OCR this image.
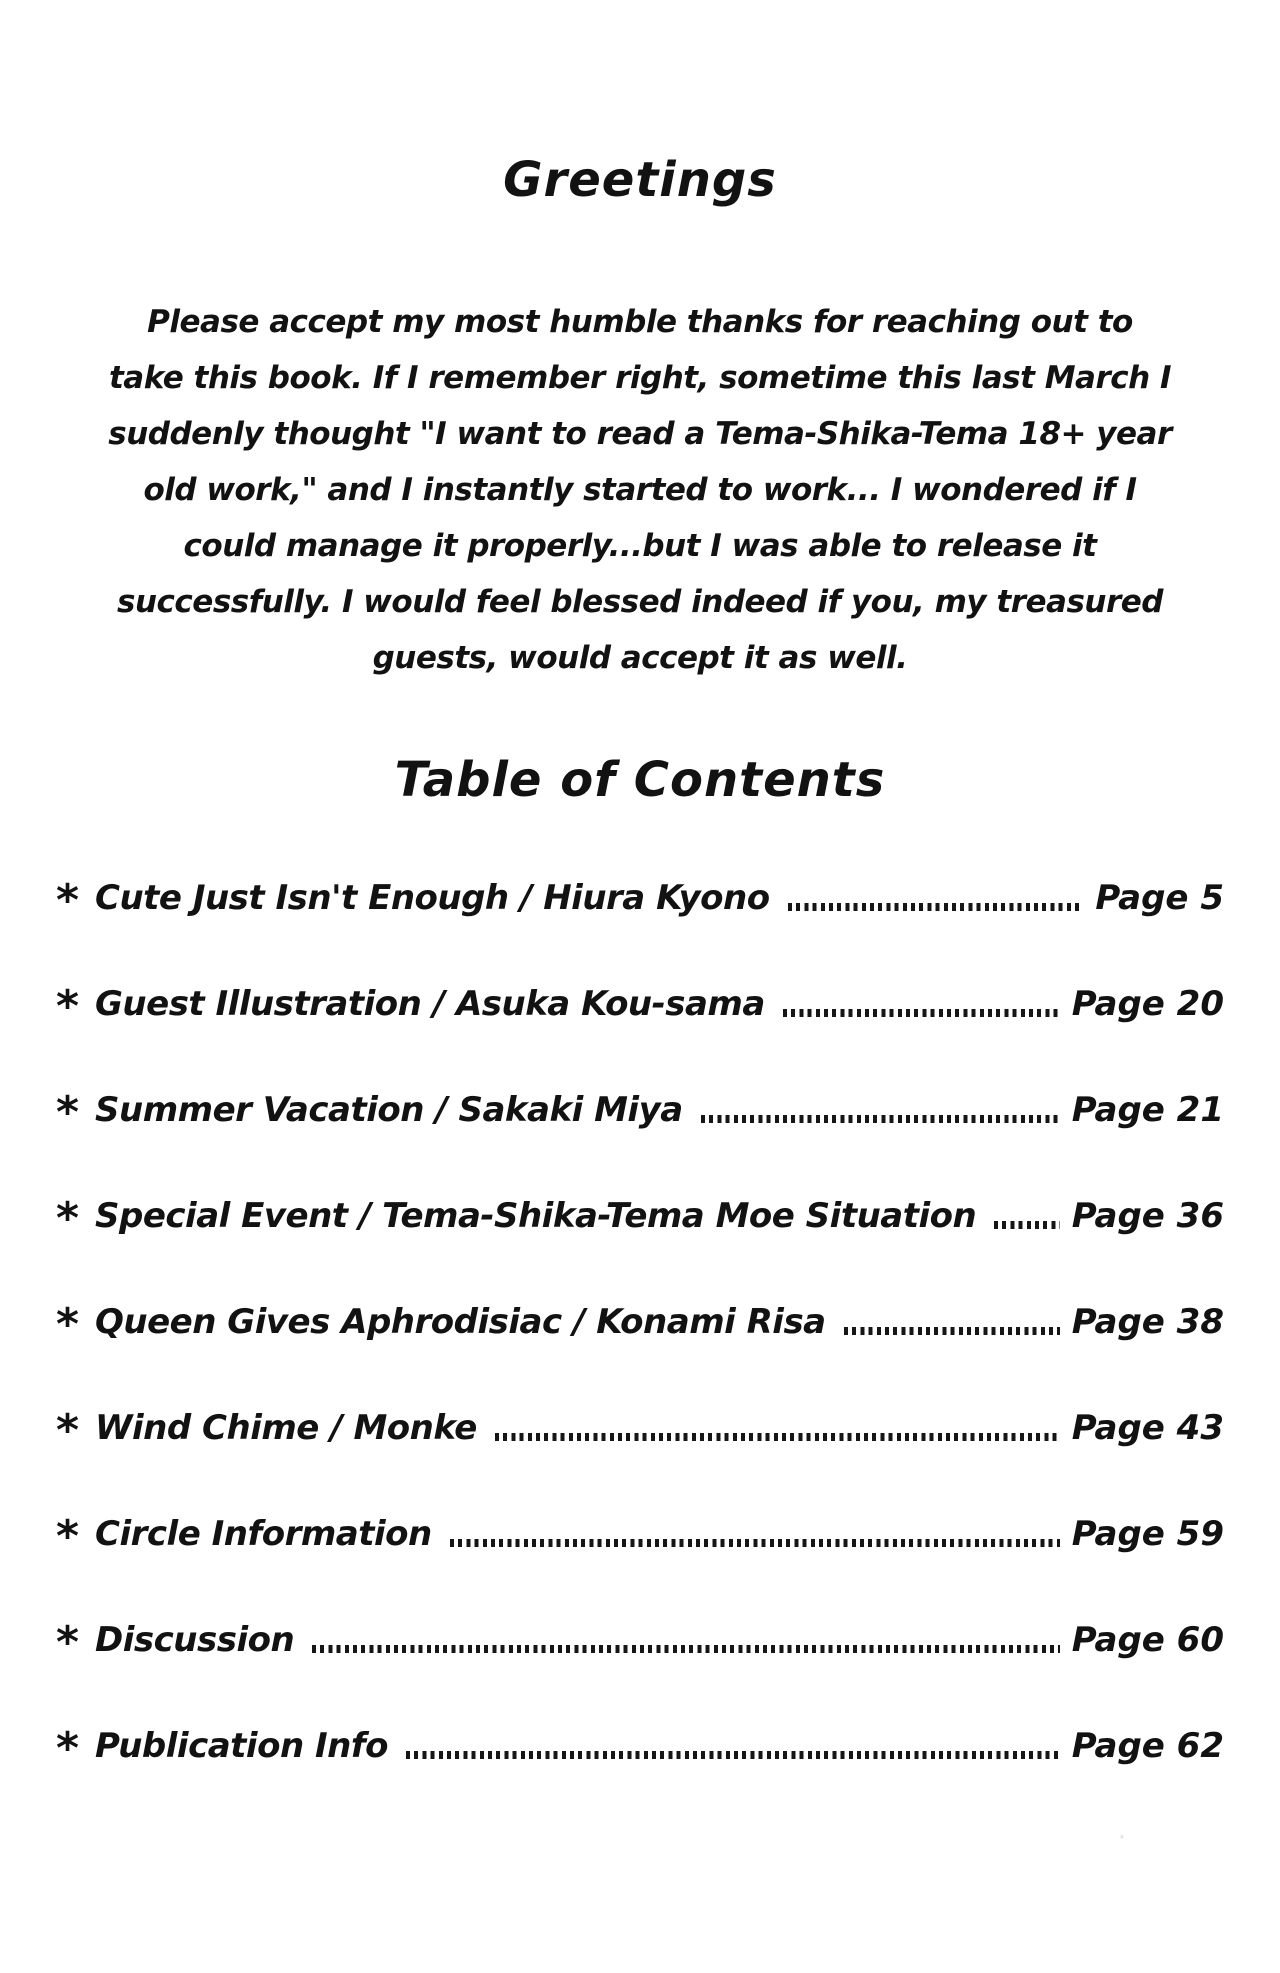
Greetings
Please accept my most humble thanks for reaching out to
take this book. If I remember right, sometime this last March I
suddenly thought "I want to read a Tema-Shika-Tema 18+ year
old work," and I instantly started to work... I wondered if I
could manage it properly...but I was able to release it
successfully. I would feel blessed indeed if you, my treasured
guests, would accept it as well.
Table of Contents
* Cute Just Isn't Enough / Hiura Kyono	Page 5
* Guest Illustration / Asuka Kou-sama	Page 20
* Summer Vacation / Sakaki Miya	Page 21
* Special Event / Tema-Shika-Tema Moe Situation	Page 36
* Queen Gives Aphrodisiac / Konami Risa	Page 38
* Wind Chime / Monke	Page 43
* Circle Information	Page 59
* Discussion	Page 60
* Publication Info	Page 62
ᵌ
